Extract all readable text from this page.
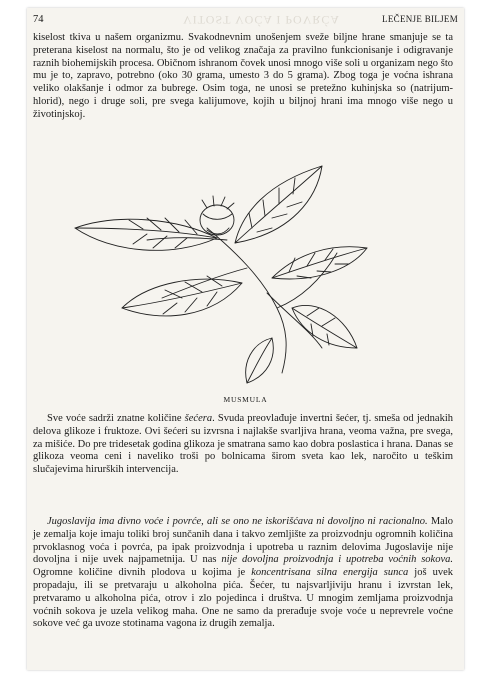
74	VITOST VOĆA I POVRĆA	LEČENJE BILJEM

kiselost tkiva u našem organizmu. Svakodnevnim unošenjem sveže biljne hrane smanjuje se ta preterana kiselost na normalu, što je od velikog značaja za pravilno funkcionisanje i odigravanje raznih biohemijskih procesa. Običnom ishranom čovek unosi mnogo više soli u organizam nego što mu je to, zapravo, potrebno (oko 30 grama, umesto 3 do 5 grama). Zbog toga je voćna ishrana veliko olakšanje i odmor za bubrege. Osim toga, ne unosi se pretežno kuhinjska so (natrijum-hlorid), nego i druge soli, pre svega kalijumove, kojih u biljnoj hrani ima mnogo više nego u životinjskoj.

MUSMULA

Sve voće sadrži znatne količine šećera. Svuda preovlađuje invertni šećer, tj. smeša od jednakih delova glikoze i fruktoze. Ovi šećeri su izvrsna i najlakše svarljiva hrana, veoma važna, pre svega, za mišiće. Do pre tridesetak godina glikoza je smatrana samo kao dobra poslastica i hrana. Danas se glikoza veoma ceni i naveliko troši po bolnicama širom sveta kao lek, naročito u teškim slučajevima hirurških intervencija.

Jugoslavija ima divno voće i povrće, ali se ono ne iskorišćava ni dovoljno ni racionalno. Malo je zemalja koje imaju toliki broj sunčanih dana i takvo zemljište za proizvodnju ogromnih količina prvoklasnog voća i povrća, pa ipak proizvodnja i upotreba u raznim delovima Jugoslavije nije dovoljna i nije uvek najpametnija. U nas nije dovoljna proizvodnja i upotreba voćnih sokova. Ogromne količine divnih plodova u kojima je koncentrisana silna energija sunca još uvek propadaju, ili se pretvaraju u alkoholna pića. Šećer, tu najsvarljiviju hranu i izvrstan lek, pretvaramo u alkoholna pića, otrov i zlo pojedinca i društva. U mnogim zemljama proizvodnja voćnih sokova je uzela velikog maha. One ne samo da prerađuje svoje voće u neprevrele voćne sokove već ga uvoze stotinama vagona iz drugih zemalja.
